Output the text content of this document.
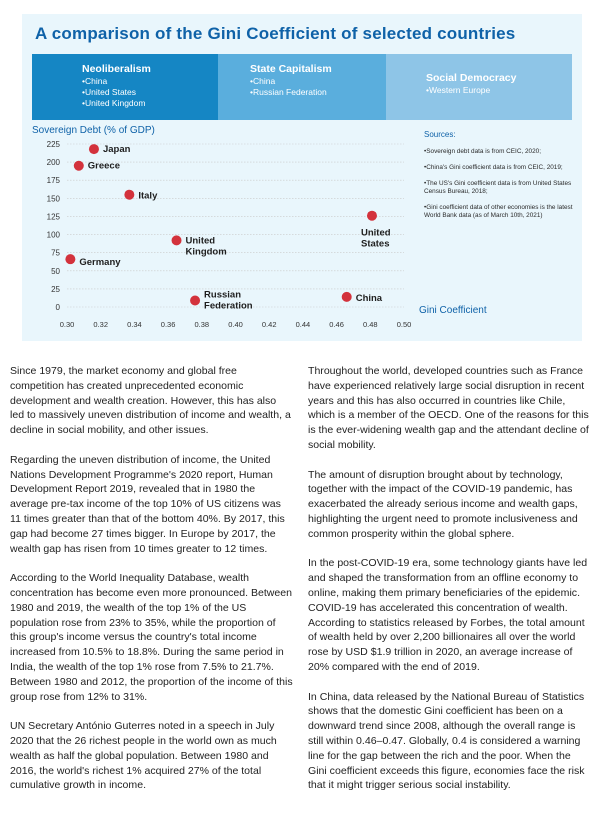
A comparison of the Gini Coefficient of selected countries
Neoliberalism
• China
• United States
• United Kingdom
State Capitalism
• China
• Russian Federation
Social Democracy
• Western Europe
Sovereign Debt (% of GDP)
Gini Coefficient
0
25
50
75
100
125
150
175
200
225
0.30	0.32	0.34	0.36	0.38	0.40	0.42	0.44	0.46	0.48	0.50
Japan
Greece
Italy
United
Kingdom
Germany
Russian
Federation
United
States
China
Sources:
• Sovereign debt data is from CEIC, 2020;
• China's Gini coefficient data is from CEIC, 2019;
• The US's Gini coefficient data is from United States Census Bureau, 2018;
• Gini coefficient data of other economies is the latest World Bank data (as of March 10th, 2021)

Since 1979, the market economy and global free competition has created unprecedented economic development and wealth creation. However, this has also led to massively uneven distribution of income and wealth, a decline in social mobility, and other issues.

Regarding the uneven distribution of income, the United Nations Development Programme's 2020 report, Human Development Report 2019, revealed that in 1980 the average pre-tax income of the top 10% of US citizens was 11 times greater than that of the bottom 40%. By 2017, this gap had become 27 times bigger. In Europe by 2017, the wealth gap has risen from 10 times greater to 12 times.

According to the World Inequality Database, wealth concentration has become even more pronounced. Between 1980 and 2019, the wealth of the top 1% of the US population rose from 23% to 35%, while the proportion of this group's income versus the country's total income increased from 10.5% to 18.8%. During the same period in India, the wealth of the top 1% rose from 7.5% to 21.7%. Between 1980 and 2012, the proportion of the income of this group rose from 12% to 31%.

UN Secretary António Guterres noted in a speech in July 2020 that the 26 richest people in the world own as much wealth as half the global population. Between 1980 and 2016, the world's richest 1% acquired 27% of the total cumulative growth in income.

Throughout the world, developed countries such as France have experienced relatively large social disruption in recent years and this has also occurred in countries like Chile, which is a member of the OECD. One of the reasons for this is the ever-widening wealth gap and the attendant decline of social mobility.

The amount of disruption brought about by technology, together with the impact of the COVID-19 pandemic, has exacerbated the already serious income and wealth gaps, highlighting the urgent need to promote inclusiveness and common prosperity within the global sphere.

In the post-COVID-19 era, some technology giants have led and shaped the transformation from an offline economy to online, making them primary beneficiaries of the epidemic. COVID-19 has accelerated this concentration of wealth. According to statistics released by Forbes, the total amount of wealth held by over 2,200 billionaires all over the world rose by USD $1.9 trillion in 2020, an average increase of 20% compared with the end of 2019.

In China, data released by the National Bureau of Statistics shows that the domestic Gini coefficient has been on a downward trend since 2008, although the overall range is still within 0.46–0.47. Globally, 0.4 is considered a warning line for the gap between the rich and the poor. When the Gini coefficient exceeds this figure, economies face the risk that it might trigger serious social instability.
